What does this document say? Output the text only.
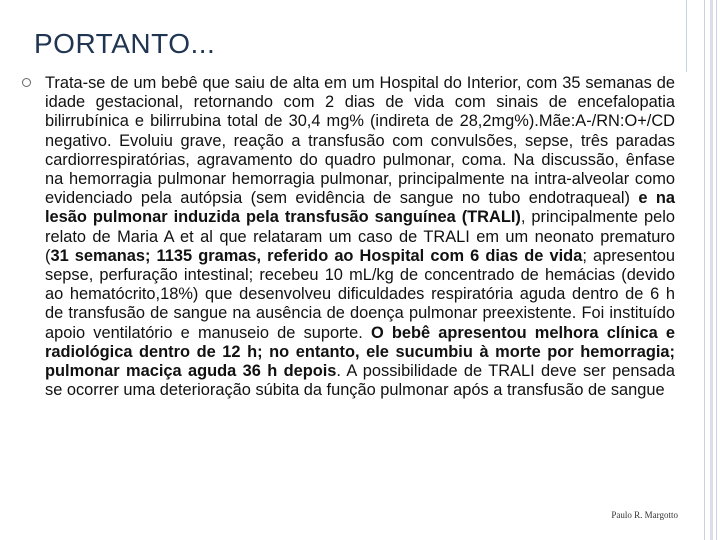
PORTANTO...

Trata-se de um bebê que saiu de alta em um Hospital do Interior, com 35 semanas de idade gestacional, retornando com 2 dias de vida com sinais de encefalopatia bilirrubínica e bilirrubina total de 30,4 mg% (indireta de 28,2mg%).Mãe:A-/RN:O+/CD negativo. Evoluiu grave, reação a transfusão com convulsões, sepse, três paradas cardiorrespiratórias, agravamento do quadro pulmonar, coma. Na discussão, ênfase na hemorragia pulmonar hemorragia pulmonar, principalmente na intra-alveolar como evidenciado pela autópsia (sem evidência de sangue no tubo endotraqueal) e na lesão pulmonar induzida pela transfusão sanguínea (TRALI), principalmente pelo relato de Maria A et al que relataram um caso de TRALI em um neonato prematuro (31 semanas; 1135 gramas, referido ao Hospital com 6 dias de vida; apresentou sepse, perfuração intestinal; recebeu 10 mL/kg de concentrado de hemácias (devido ao hematócrito,18%) que desenvolveu dificuldades respiratória aguda dentro de 6 h de transfusão de sangue na ausência de doença pulmonar preexistente. Foi instituído apoio ventilatório e manuseio de suporte. O bebê apresentou melhora clínica e radiológica dentro de 12 h; no entanto, ele sucumbiu à morte por hemorragia; pulmonar maciça aguda 36 h depois. A possibilidade de TRALI deve ser pensada se ocorrer uma deterioração súbita da função pulmonar após a transfusão de sangue

Paulo R. Margotto
